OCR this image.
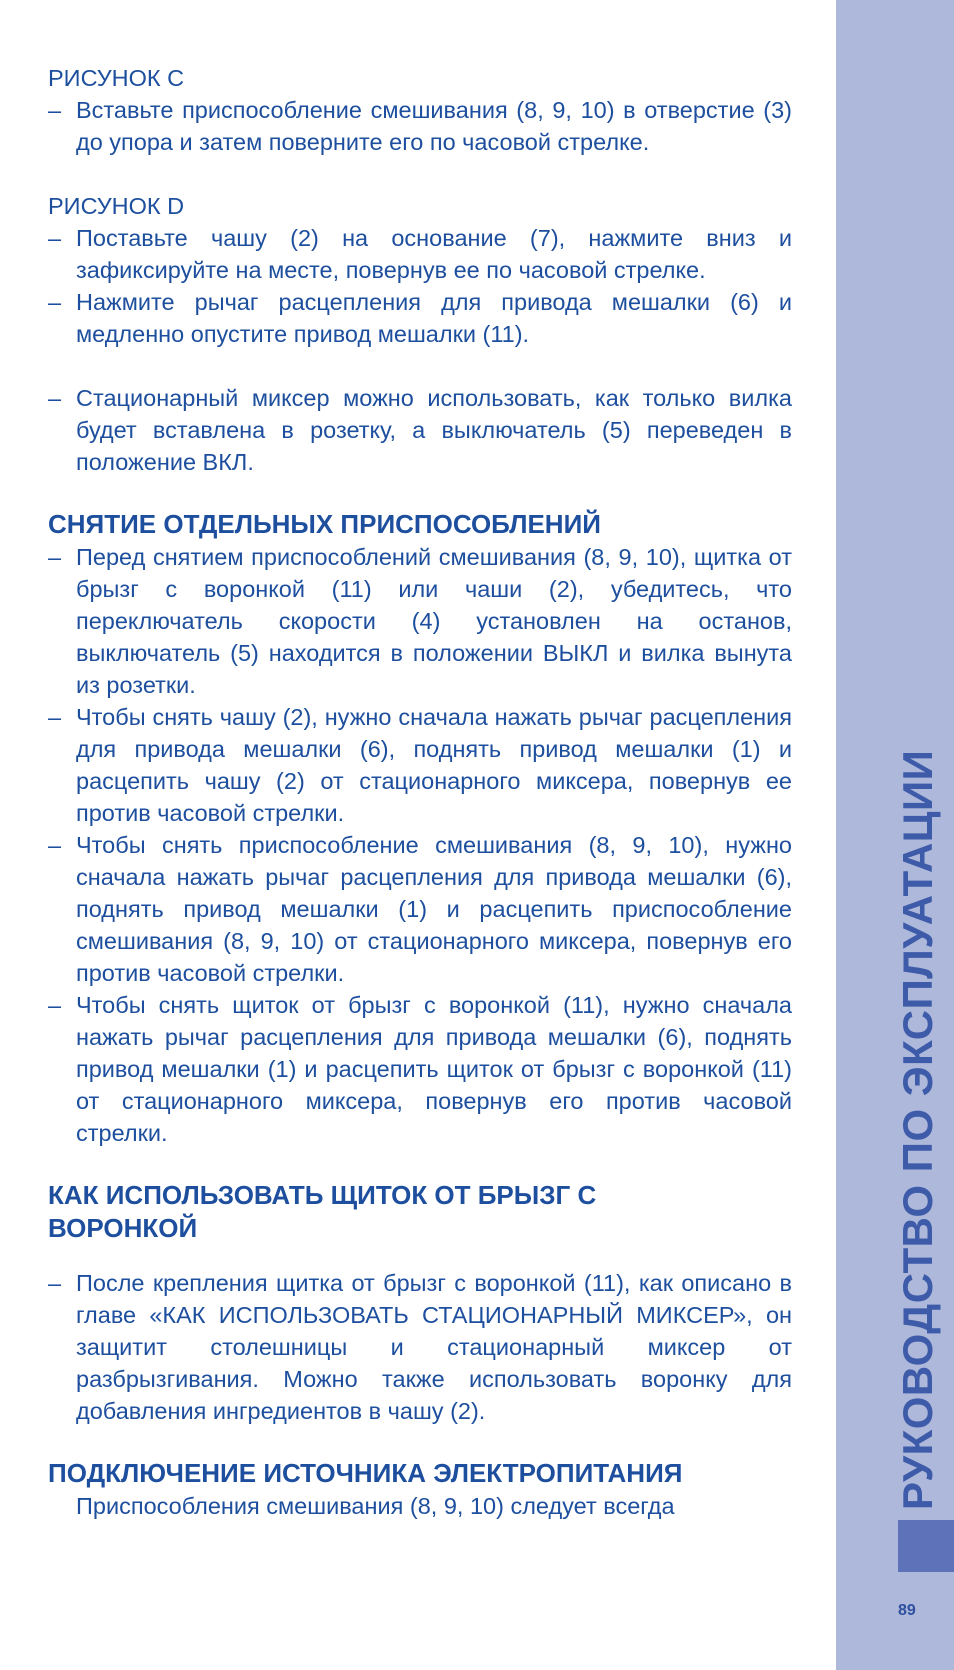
РИСУНОК C

– Вставьте приспособление смешивания (8, 9, 10) в отверстие (3) до упора и затем поверните его по часовой стрелке.

РИСУНОК D

– Поставьте чашу (2) на основание (7), нажмите вниз и зафиксируйте на месте, повернув ее по часовой стрелке.

– Нажмите рычаг расцепления для привода мешалки (6) и медленно опустите привод мешалки (11).

– Стационарный миксер можно использовать, как только вилка будет вставлена в розетку, а выключатель (5) переведен в положение ВКЛ.

СНЯТИЕ ОТДЕЛЬНЫХ ПРИСПОСОБЛЕНИЙ

– Перед снятием приспособлений смешивания (8, 9, 10), щитка от брызг с воронкой (11) или чаши (2), убедитесь, что переключатель скорости (4) установлен на останов, выключатель (5) находится в положении ВЫКЛ и вилка вынута из розетки.

– Чтобы снять чашу (2), нужно сначала нажать рычаг расцепления для привода мешалки (6), поднять привод мешалки (1) и расцепить чашу (2) от стационарного миксера, повернув ее против часовой стрелки.

– Чтобы снять приспособление смешивания (8, 9, 10), нужно сначала нажать рычаг расцепления для привода мешалки (6), поднять привод мешалки (1) и расцепить приспособление смешивания (8, 9, 10) от стационарного миксера, повернув его против часовой стрелки.

– Чтобы снять щиток от брызг с воронкой (11), нужно сначала нажать рычаг расцепления для привода мешалки (6), поднять привод мешалки (1) и расцепить щиток от брызг с воронкой (11) от стационарного миксера, повернув его против часовой стрелки.

КАК ИСПОЛЬЗОВАТЬ ЩИТОК ОТ БРЫЗГ С
ВОРОНКОЙ

– После крепления щитка от брызг с воронкой (11), как описано в главе «КАК ИСПОЛЬЗОВАТЬ СТАЦИОНАРНЫЙ МИКСЕР», он защитит столешницы и стационарный миксер от разбрызгивания. Можно также использовать воронку для добавления ингредиентов в чашу (2).

ПОДКЛЮЧЕНИЕ ИСТОЧНИКА ЭЛЕКТРОПИТАНИЯ

Приспособления смешивания (8, 9, 10) следует всегда	РУКОВОДСТВО ПО ЭКСПЛУАТАЦИИ
89
